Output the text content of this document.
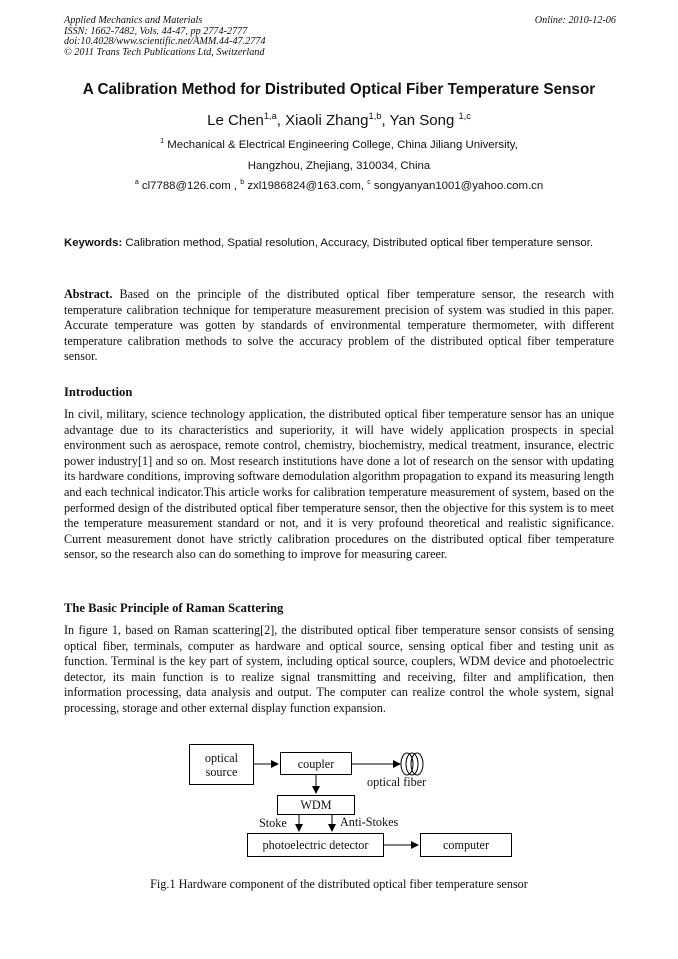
Applied Mechanics and Materials
ISSN: 1662-7482, Vols. 44-47, pp 2774-2777
doi:10.4028/www.scientific.net/AMM.44-47.2774
© 2011 Trans Tech Publications Ltd, Switzerland
Online: 2010-12-06
A Calibration Method for Distributed Optical Fiber Temperature Sensor
Le Chen$^{1,a}$, Xiaoli Zhang$^{1,b}$, Yan Song $^{1,c}$
$^1$ Mechanical & Electrical Engineering College, China Jiliang University,
Hangzhou, Zhejiang, 310034, China
$^a$ cl7788@126.com , $^b$ zxl1986824@163.com, $^c$ songyanyan1001@yahoo.com.cn
Keywords: Calibration method, Spatial resolution, Accuracy, Distributed optical fiber temperature sensor.
Abstract. Based on the principle of the distributed optical fiber temperature sensor, the research with temperature calibration technique for temperature measurement precision of system was studied in this paper. Accurate temperature was gotten by standards of environmental temperature thermometer, with different temperature calibration methods to solve the accuracy problem of the distributed optical fiber temperature sensor.
Introduction
In civil, military, science technology application, the distributed optical fiber temperature sensor has an unique advantage due to its characteristics and superiority, it will have widely application prospects in special environment such as aerospace, remote control, chemistry, biochemistry, medical treatment, insurance, electric power industry[1] and so on. Most research institutions have done a lot of research on the sensor with updating its hardware conditions, improving software demodulation algorithm propagation to expand its measuring length and each technical indicator.This article works for calibration temperature measurement of system, based on the performed design of the distributed optical fiber temperature sensor, then the objective for this system is to meet the temperature measurement standard or not, and it is very profound theoretical and realistic significance. Current measurement donot have strictly calibration procedures on the distributed optical fiber temperature sensor, so the research also can do something to improve for measuring career.
The Basic Principle of Raman Scattering
In figure 1, based on Raman scattering[2], the distributed optical fiber temperature sensor consists of sensing optical fiber, terminals, computer as hardware and optical source, sensing optical fiber and testing unit as function. Terminal is the key part of system, including optical source, couplers, WDM device and photoelectric detector, its main function is to realize signal transmitting and receiving, filter and amplification, then information processing, data analysis and output. The computer can realize control the whole system, signal processing, storage and other external display function expansion.
optical
source
coupler
optical fiber
WDM
Stoke	Anti-Stokes
photoelectric detector	computer
Fig.1 Hardware component of the distributed optical fiber temperature sensor
